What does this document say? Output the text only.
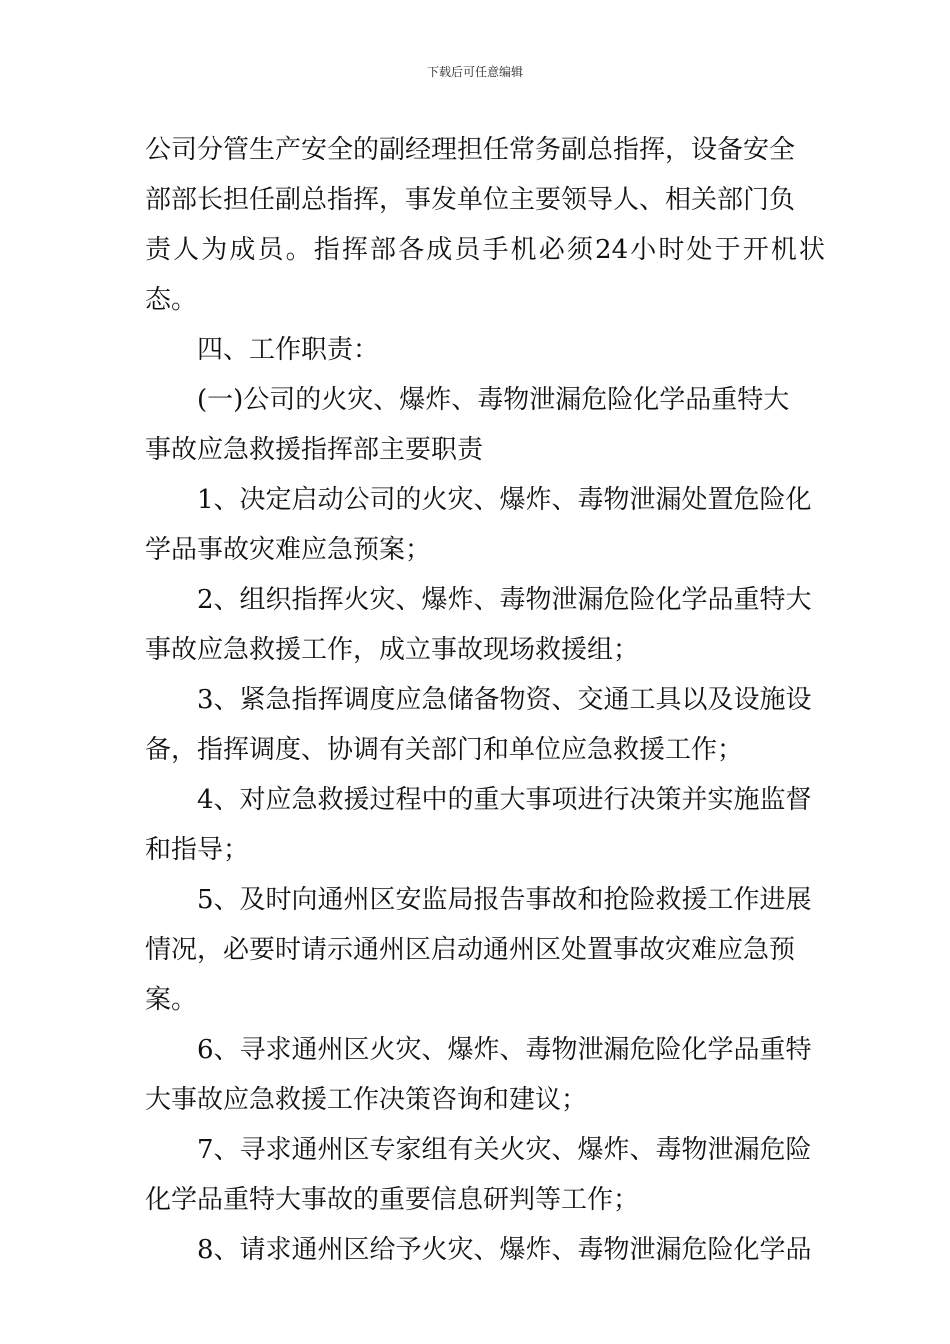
下载后可任意编辑
公司分管生产安全的副经理担任常务副总指挥，设备安全
部部长担任副总指挥，事发单位主要领导人、相关部门负
责人为成员。指挥部各成员手机必须24小时处于开机状态。
四、工作职责：
(一)公司的火灾、爆炸、毒物泄漏危险化学品重特大
事故应急救援指挥部主要职责
1、决定启动公司的火灾、爆炸、毒物泄漏处置危险化
学品事故灾难应急预案；
2、组织指挥火灾、爆炸、毒物泄漏危险化学品重特大
事故应急救援工作，成立事故现场救援组；
3、紧急指挥调度应急储备物资、交通工具以及设施设
备，指挥调度、协调有关部门和单位应急救援工作；
4、对应急救援过程中的重大事项进行决策并实施监督
和指导；
5、及时向通州区安监局报告事故和抢险救援工作进展
情况，必要时请示通州区启动通州区处置事故灾难应急预
案。
6、寻求通州区火灾、爆炸、毒物泄漏危险化学品重特
大事故应急救援工作决策咨询和建议；
7、寻求通州区专家组有关火灾、爆炸、毒物泄漏危险
化学品重特大事故的重要信息研判等工作；
8、请求通州区给予火灾、爆炸、毒物泄漏危险化学品
